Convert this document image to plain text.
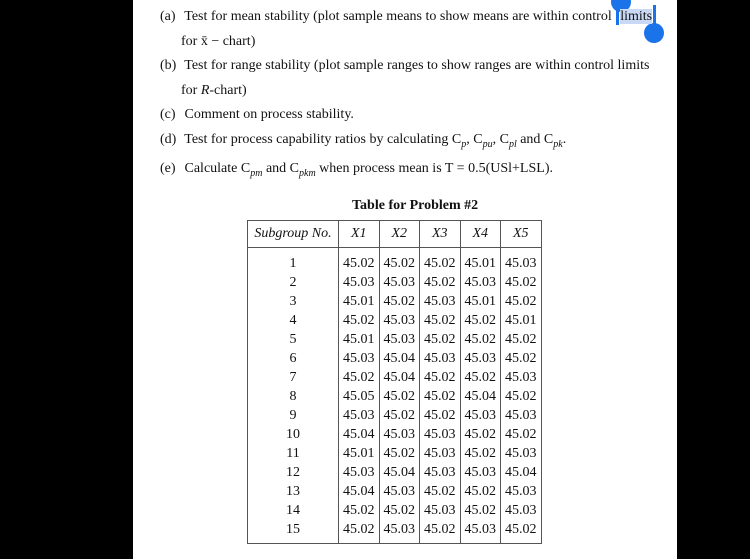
(a) Test for mean stability (plot sample means to show means are within control limits
for x̄ − chart)
(b) Test for range stability (plot sample ranges to show ranges are within control limits
for R-chart)
(c) Comment on process stability.
(d) Test for process capability ratios by calculating $C_p$, $C_{pu}$, $C_{pl}$ and $C_{pk}$.
(e) Calculate $C_{pm}$ and $C_{pkm}$ when process mean is T = 0.5(USl+LSL).
Table for Problem #2
Subgroup No.	X1	X2	X3	X4	X5
1	45.02	45.02	45.02	45.01	45.03
2	45.03	45.03	45.02	45.03	45.02
3	45.01	45.02	45.03	45.01	45.02
4	45.02	45.03	45.02	45.02	45.01
5	45.01	45.03	45.02	45.02	45.02
6	45.03	45.04	45.03	45.03	45.02
7	45.02	45.04	45.02	45.02	45.03
8	45.05	45.02	45.02	45.04	45.02
9	45.03	45.02	45.02	45.03	45.03
10	45.04	45.03	45.03	45.02	45.02
11	45.01	45.02	45.03	45.02	45.03
12	45.03	45.04	45.03	45.03	45.04
13	45.04	45.03	45.02	45.02	45.03
14	45.02	45.02	45.03	45.02	45.03
15	45.02	45.03	45.02	45.03	45.02
